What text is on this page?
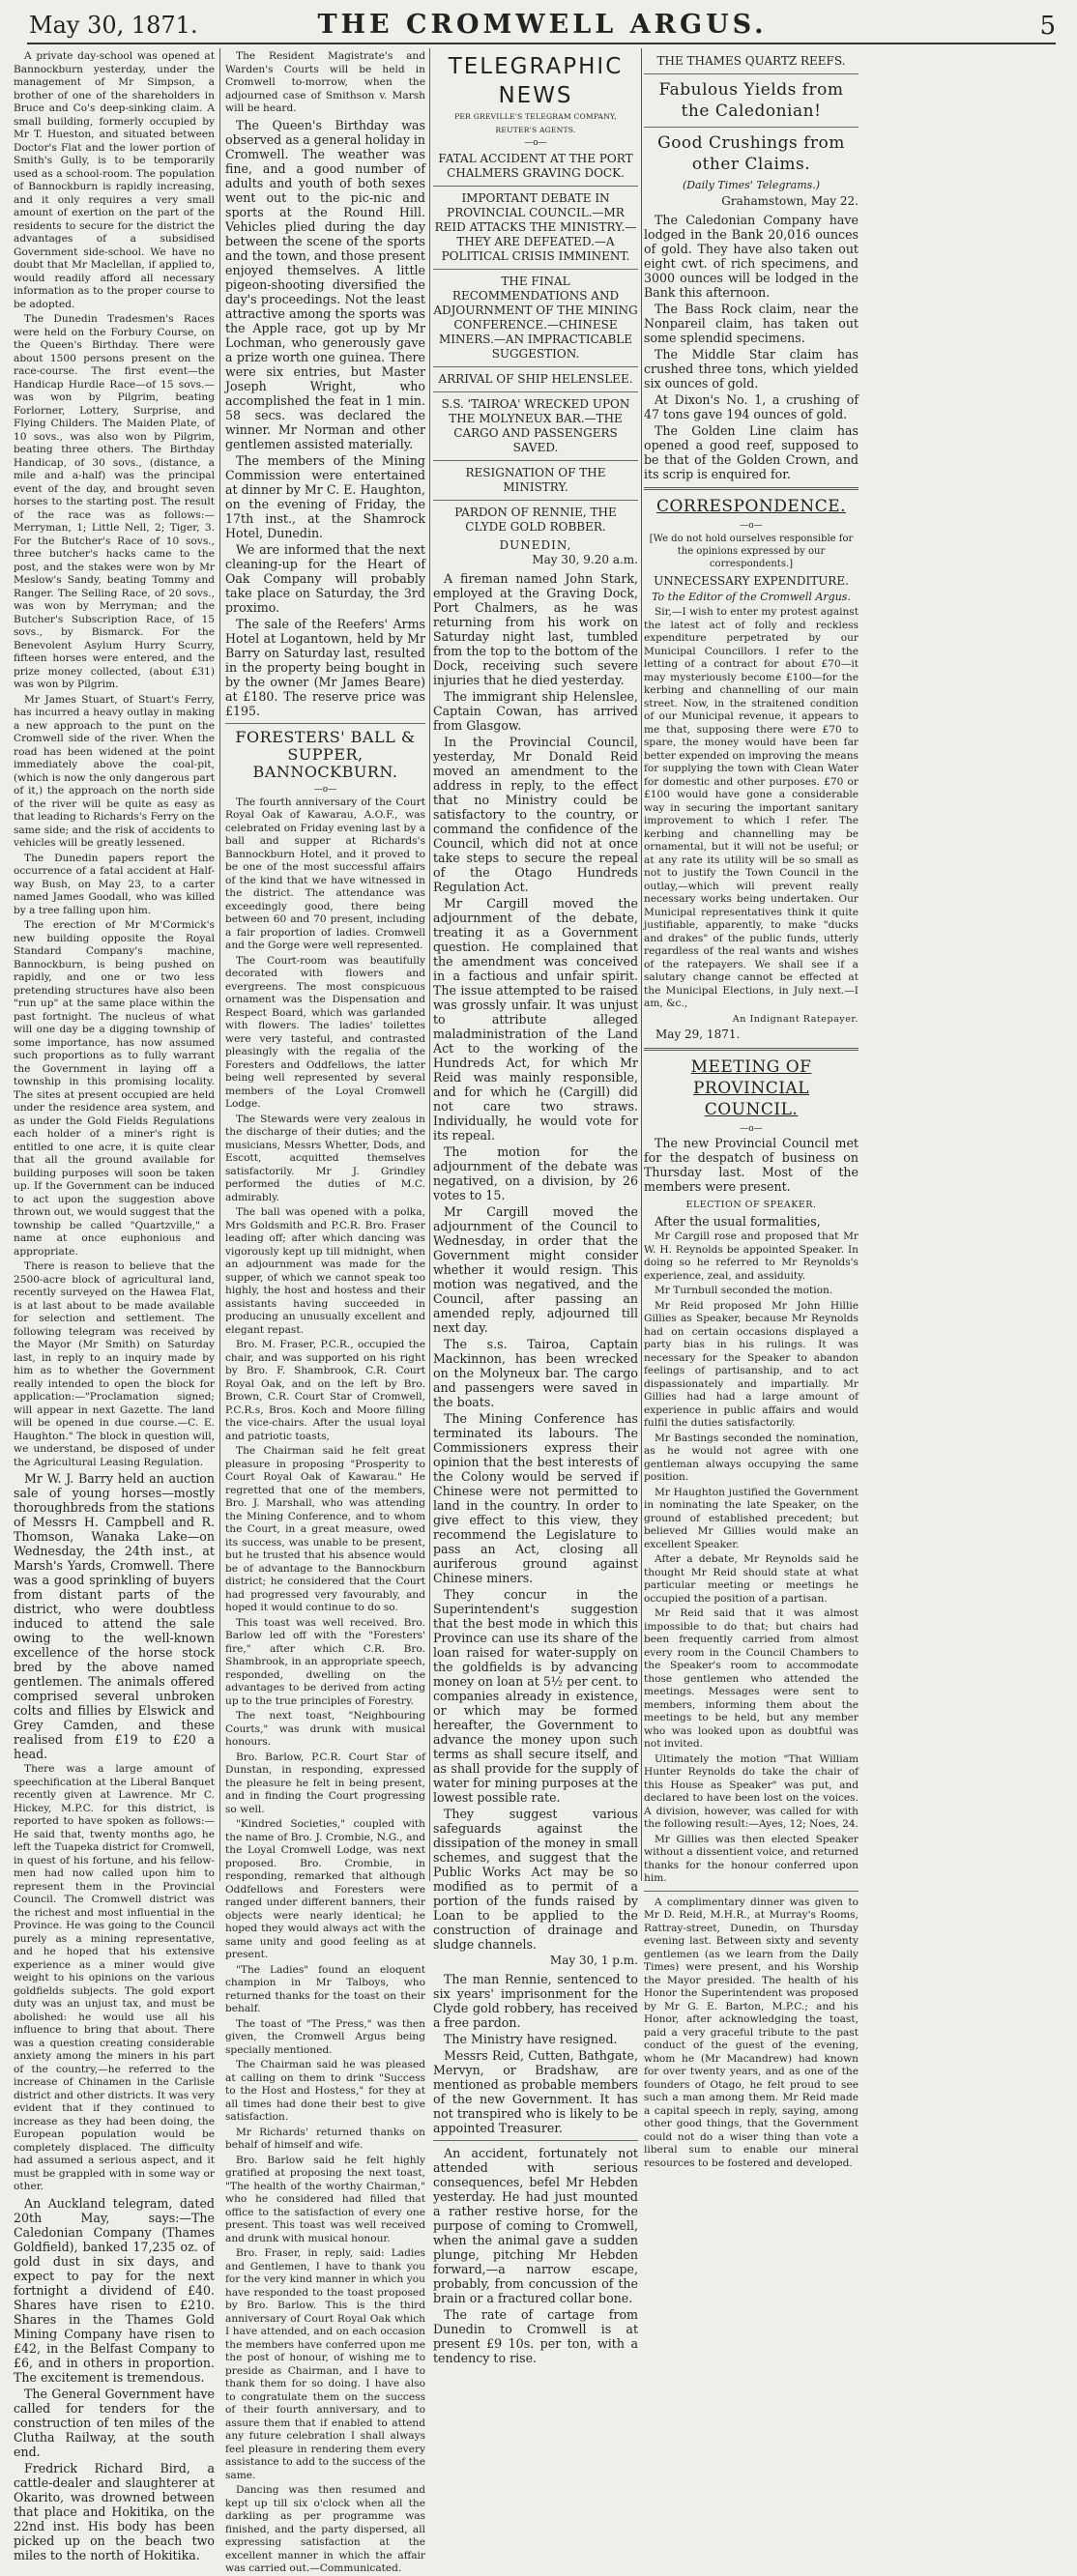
May 30, 1871.	THE CROMWELL ARGUS.	5

A private day-school was opened at Bannockburn yesterday, under the management of Mr Simpson, a brother of one of the shareholders in Bruce and Co's deep-sinking claim. A small building, formerly occupied by Mr T. Hueston, and situated between Doctor's Flat and the lower portion of Smith's Gully, is to be temporarily used as a school-room. The population of Bannockburn is rapidly increasing, and it only requires a very small amount of exertion on the part of the residents to secure for the district the advantages of a subsidised Government side-school. We have no doubt that Mr Maclellan, if applied to, would readily afford all necessary information as to the proper course to be adopted.

The Dunedin Tradesmen's Races were held on the Forbury Course, on the Queen's Birthday. There were about 1500 persons present on the race-course. The first event—the Handicap Hurdle Race—of 15 sovs.—was won by Pilgrim, beating Forlorner, Lottery, Surprise, and Flying Childers. The Maiden Plate, of 10 sovs., was also won by Pilgrim, beating three others. The Birthday Handicap, of 30 sovs., (distance, a mile and a-half) was the principal event of the day, and brought seven horses to the starting post. The result of the race was as follows:—Merryman, 1; Little Nell, 2; Tiger, 3. For the Butcher's Race of 10 sovs., three butcher's hacks came to the post, and the stakes were won by Mr Meslow's Sandy, beating Tommy and Ranger. The Selling Race, of 20 sovs., was won by Merryman; and the Butcher's Subscription Race, of 15 sovs., by Bismarck. For the Benevolent Asylum Hurry Scurry, fifteen horses were entered, and the prize money collected, (about £31) was won by Pilgrim.

Mr James Stuart, of Stuart's Ferry, has incurred a heavy outlay in making a new approach to the punt on the Cromwell side of the river. When the road has been widened at the point immediately above the coal-pit, (which is now the only dangerous part of it,) the approach on the north side of the river will be quite as easy as that leading to Richards's Ferry on the same side; and the risk of accidents to vehicles will be greatly lessened.

The Dunedin papers report the occurrence of a fatal accident at Half-way Bush, on May 23, to a carter named James Goodall, who was killed by a tree falling upon him.

The erection of Mr M'Cormick's new building opposite the Royal Standard Company's machine, Bannockburn, is being pushed on rapidly, and one or two less pretending structures have also been "run up" at the same place within the past fortnight. The nucleus of what will one day be a digging township of some importance, has now assumed such proportions as to fully warrant the Government in laying off a township in this promising locality. The sites at present occupied are held under the residence area system, and as under the Gold Fields Regulations each holder of a miner's right is entitled to one acre, it is quite clear that all the ground available for building purposes will soon be taken up. If the Government can be induced to act upon the suggestion above thrown out, we would suggest that the township be called "Quartzville," a name at once euphonious and appropriate.

There is reason to believe that the 2500-acre block of agricultural land, recently surveyed on the Hawea Flat, is at last about to be made available for selection and settlement. The following telegram was received by the Mayor (Mr Smith) on Saturday last, in reply to an inquiry made by him as to whether the Government really intended to open the block for application:—"Proclamation signed; will appear in next Gazette. The land will be opened in due course.—C. E. Haughton." The block in question will, we understand, be disposed of under the Agricultural Leasing Regulation.

Mr W. J. Barry held an auction sale of young horses—mostly thoroughbreds from the stations of Messrs H. Campbell and R. Thomson, Wanaka Lake—on Wednesday, the 24th inst., at Marsh's Yards, Cromwell. There was a good sprinkling of buyers from distant parts of the district, who were doubtless induced to attend the sale owing to the well-known excellence of the horse stock bred by the above named gentlemen. The animals offered comprised several unbroken colts and fillies by Elswick and Grey Camden, and these realised from £19 to £20 a head.

There was a large amount of speechification at the Liberal Banquet recently given at Lawrence. Mr C. Hickey, M.P.C. for this district, is reported to have spoken as follows:—He said that, twenty months ago, he left the Tuapeka district for Cromwell, in quest of his fortune, and his fellow-men had now called upon him to represent them in the Provincial Council. The Cromwell district was the richest and most influential in the Province. He was going to the Council purely as a mining representative, and he hoped that his extensive experience as a miner would give weight to his opinions on the various goldfields subjects. The gold export duty was an unjust tax, and must be abolished: he would use all his influence to bring that about. There was a question creating considerable anxiety among the miners in his part of the country,—he referred to the increase of Chinamen in the Carlisle district and other districts. It was very evident that if they continued to increase as they had been doing, the European population would be completely displaced. The difficulty had assumed a serious aspect, and it must be grappled with in some way or other.

An Auckland telegram, dated 20th May, says:—The Caledonian Company (Thames Goldfield), banked 17,235 oz. of gold dust in six days, and expect to pay for the next fortnight a dividend of £40. Shares have risen to £210. Shares in the Thames Gold Mining Company have risen to £42, in the Belfast Company to £6, and in others in proportion. The excitement is tremendous.

The General Government have called for tenders for the construction of ten miles of the Clutha Railway, at the south end.

Fredrick Richard Bird, a cattle-dealer and slaughterer at Okarito, was drowned between that place and Hokitika, on the 22nd inst. His body has been picked up on the beach two miles to the north of Hokitika.

The Resident Magistrate's and Warden's Courts will be held in Cromwell to-morrow, when the adjourned case of Smithson v. Marsh will be heard.

The Queen's Birthday was observed as a general holiday in Cromwell. The weather was fine, and a good number of adults and youth of both sexes went out to the pic-nic and sports at the Round Hill. Vehicles plied during the day between the scene of the sports and the town, and those present enjoyed themselves. A little pigeon-shooting diversified the day's proceedings. Not the least attractive among the sports was the Apple race, got up by Mr Lochman, who generously gave a prize worth one guinea. There were six entries, but Master Joseph Wright, who accomplished the feat in 1 min. 58 secs. was declared the winner. Mr Norman and other gentlemen assisted materially.

The members of the Mining Commission were entertained at dinner by Mr C. E. Haughton, on the evening of Friday, the 17th inst., at the Shamrock Hotel, Dunedin.

We are informed that the next cleaning-up for the Heart of Oak Company will probably take place on Saturday, the 3rd proximo.

The sale of the Reefers' Arms Hotel at Logantown, held by Mr Barry on Saturday last, resulted in the property being bought in by the owner (Mr James Beare) at £180. The reserve price was £195.

FORESTERS' BALL & SUPPER, BANNOCKBURN.
—o—

The fourth anniversary of the Court Royal Oak of Kawarau, A.O.F., was celebrated on Friday evening last by a ball and supper at Richards's Bannockburn Hotel, and it proved to be one of the most successful affairs of the kind that we have witnessed in the district. The attendance was exceedingly good, there being between 60 and 70 present, including a fair proportion of ladies. Cromwell and the Gorge were well represented.

The Court-room was beautifully decorated with flowers and evergreens. The most conspicuous ornament was the Dispensation and Respect Board, which was garlanded with flowers. The ladies' toilettes were very tasteful, and contrasted pleasingly with the regalia of the Foresters and Oddfellows, the latter being well represented by several members of the Loyal Cromwell Lodge.

The Stewards were very zealous in the discharge of their duties; and the musicians, Messrs Whetter, Dods, and Escott, acquitted themselves satisfactorily. Mr J. Grindley performed the duties of M.C. admirably.

The ball was opened with a polka, Mrs Goldsmith and P.C.R. Bro. Fraser leading off; after which dancing was vigorously kept up till midnight, when an adjournment was made for the supper, of which we cannot speak too highly, the host and hostess and their assistants having succeeded in producing an unusually excellent and elegant repast.

Bro. M. Fraser, P.C.R., occupied the chair, and was supported on his right by Bro. F. Shambrook, C.R. Court Royal Oak, and on the left by Bro. Brown, C.R. Court Star of Cromwell, P.C.R.s, Bros. Koch and Moore filling the vice-chairs. After the usual loyal and patriotic toasts,

The Chairman said he felt great pleasure in proposing "Prosperity to Court Royal Oak of Kawarau." He regretted that one of the members, Bro. J. Marshall, who was attending the Mining Conference, and to whom the Court, in a great measure, owed its success, was unable to be present, but he trusted that his absence would be of advantage to the Bannockburn district; he considered that the Court had progressed very favourably, and hoped it would continue to do so.

This toast was well received. Bro. Barlow led off with the "Foresters' fire," after which C.R. Bro. Shambrook, in an appropriate speech, responded, dwelling on the advantages to be derived from acting up to the true principles of Forestry.

The next toast, "Neighbouring Courts," was drunk with musical honours.

Bro. Barlow, P.C.R. Court Star of Dunstan, in responding, expressed the pleasure he felt in being present, and in finding the Court progressing so well.

"Kindred Societies," coupled with the name of Bro. J. Crombie, N.G., and the Loyal Cromwell Lodge, was next proposed. Bro. Crombie, in responding, remarked that although Oddfellows and Foresters were ranged under different banners, their objects were nearly identical; he hoped they would always act with the same unity and good feeling as at present.

"The Ladies" found an eloquent champion in Mr Talboys, who returned thanks for the toast on their behalf.

The toast of "The Press," was then given, the Cromwell Argus being specially mentioned.

The Chairman said he was pleased at calling on them to drink "Success to the Host and Hostess," for they at all times had done their best to give satisfaction.

Mr Richards' returned thanks on behalf of himself and wife.

Bro. Barlow said he felt highly gratified at proposing the next toast, "The health of the worthy Chairman," who he considered had filled that office to the satisfaction of every one present. This toast was well received and drunk with musical honour.

Bro. Fraser, in reply, said: Ladies and Gentlemen, I have to thank you for the very kind manner in which you have responded to the toast proposed by Bro. Barlow. This is the third anniversary of Court Royal Oak which I have attended, and on each occasion the members have conferred upon me the post of honour, of wishing me to preside as Chairman, and I have to thank them for so doing. I have also to congratulate them on the success of their fourth anniversary, and to assure them that if enabled to attend any future celebration I shall always feel pleasure in rendering them every assistance to add to the success of the same.

Dancing was then resumed and kept up till six o'clock when all the darkling as per programme was finished, and the party dispersed, all expressing satisfaction at the excellent manner in which the affair was carried out.—Communicated.

TELEGRAPHIC NEWS
PER GREVILLE'S TELEGRAM COMPANY, REUTER'S AGENTS.
—o—
FATAL ACCIDENT AT THE PORT CHALMERS GRAVING DOCK.
IMPORTANT DEBATE IN PROVINCIAL COUNCIL.—MR REID ATTACKS THE MINISTRY.—THEY ARE DEFEATED.—A POLITICAL CRISIS IMMINENT.
THE FINAL RECOMMENDATIONS AND ADJOURNMENT OF THE MINING CONFERENCE.—CHINESE MINERS.—AN IMPRACTICABLE SUGGESTION.
ARRIVAL OF SHIP HELENSLEE.
S.S. 'TAIROA' WRECKED UPON THE MOLYNEUX BAR.—THE CARGO AND PASSENGERS SAVED.
RESIGNATION OF THE MINISTRY.
PARDON OF RENNIE, THE CLYDE GOLD ROBBER.
DUNEDIN,
May 30, 9.20 a.m.

A fireman named John Stark, employed at the Graving Dock, Port Chalmers, as he was returning from his work on Saturday night last, tumbled from the top to the bottom of the Dock, receiving such severe injuries that he died yesterday.

The immigrant ship Helenslee, Captain Cowan, has arrived from Glasgow.

In the Provincial Council, yesterday, Mr Donald Reid moved an amendment to the address in reply, to the effect that no Ministry could be satisfactory to the country, or command the confidence of the Council, which did not at once take steps to secure the repeal of the Otago Hundreds Regulation Act.

Mr Cargill moved the adjournment of the debate, treating it as a Government question. He complained that the amendment was conceived in a factious and unfair spirit. The issue attempted to be raised was grossly unfair. It was unjust to attribute alleged maladministration of the Land Act to the working of the Hundreds Act, for which Mr Reid was mainly responsible, and for which he (Cargill) did not care two straws. Individually, he would vote for its repeal.

The motion for the adjournment of the debate was negatived, on a division, by 26 votes to 15.

Mr Cargill moved the adjournment of the Council to Wednesday, in order that the Government might consider whether it would resign. This motion was negatived, and the Council, after passing an amended reply, adjourned till next day.

The s.s. Tairoa, Captain Mackinnon, has been wrecked on the Molyneux bar. The cargo and passengers were saved in the boats.

The Mining Conference has terminated its labours. The Commissioners express their opinion that the best interests of the Colony would be served if Chinese were not permitted to land in the country. In order to give effect to this view, they recommend the Legislature to pass an Act, closing all auriferous ground against Chinese miners.

They concur in the Superintendent's suggestion that the best mode in which this Province can use its share of the loan raised for water-supply on the goldfields is by advancing money on loan at 5½ per cent. to companies already in existence, or which may be formed hereafter, the Government to advance the money upon such terms as shall secure itself, and as shall provide for the supply of water for mining purposes at the lowest possible rate.

They suggest various safeguards against the dissipation of the money in small schemes, and suggest that the Public Works Act may be so modified as to permit of a portion of the funds raised by Loan to be applied to the construction of drainage and sludge channels.

May 30, 1 p.m.

The man Rennie, sentenced to six years' imprisonment for the Clyde gold robbery, has received a free pardon.

The Ministry have resigned.

Messrs Reid, Cutten, Bathgate, Mervyn, or Bradshaw, are mentioned as probable members of the new Government. It has not transpired who is likely to be appointed Treasurer.

An accident, fortunately not attended with serious consequences, befel Mr Hebden yesterday. He had just mounted a rather restive horse, for the purpose of coming to Cromwell, when the animal gave a sudden plunge, pitching Mr Hebden forward,—a narrow escape, probably, from concussion of the brain or a fractured collar bone.

The rate of cartage from Dunedin to Cromwell is at present £9 10s. per ton, with a tendency to rise.

THE THAMES QUARTZ REEFS.
Fabulous Yields from the Caledonian!
Good Crushings from other Claims.
(Daily Times' Telegrams.)
Grahamstown, May 22.

The Caledonian Company have lodged in the Bank 20,016 ounces of gold. They have also taken out eight cwt. of rich specimens, and 3000 ounces will be lodged in the Bank this afternoon.

The Bass Rock claim, near the Nonpareil claim, has taken out some splendid specimens.

The Middle Star claim has crushed three tons, which yielded six ounces of gold.

At Dixon's No. 1, a crushing of 47 tons gave 194 ounces of gold.

The Golden Line claim has opened a good reef, supposed to be that of the Golden Crown, and its scrip is enquired for.

CORRESPONDENCE.
—o—
[We do not hold ourselves responsible for the opinions expressed by our correspondents.]
UNNECESSARY EXPENDITURE.
To the Editor of the Cromwell Argus.

Sir,—I wish to enter my protest against the latest act of folly and reckless expenditure perpetrated by our Municipal Councillors. I refer to the letting of a contract for about £70—it may mysteriously become £100—for the kerbing and channelling of our main street. Now, in the straitened condition of our Municipal revenue, it appears to me that, supposing there were £70 to spare, the money would have been far better expended on improving the means for supplying the town with Clean Water for domestic and other purposes. £70 or £100 would have gone a considerable way in securing the important sanitary improvement to which I refer. The kerbing and channelling may be ornamental, but it will not be useful; or at any rate its utility will be so small as not to justify the Town Council in the outlay,—which will prevent really necessary works being undertaken. Our Municipal representatives think it quite justifiable, apparently, to make "ducks and drakes" of the public funds, utterly regardless of the real wants and wishes of the ratepayers. We shall see if a salutary change cannot be effected at the Municipal Elections, in July next.—I am, &c.,

An Indignant Ratepayer.
May 29, 1871.
MEETING OF PROVINCIAL COUNCIL.
—o—

The new Provincial Council met for the despatch of business on Thursday last. Most of the members were present.

ELECTION OF SPEAKER.

After the usual formalities,

Mr Cargill rose and proposed that Mr W. H. Reynolds be appointed Speaker. In doing so he referred to Mr Reynolds's experience, zeal, and assiduity.

Mr Turnbull seconded the motion.

Mr Reid proposed Mr John Hillie Gillies as Speaker, because Mr Reynolds had on certain occasions displayed a party bias in his rulings. It was necessary for the Speaker to abandon feelings of partisanship, and to act dispassionately and impartially. Mr Gillies had had a large amount of experience in public affairs and would fulfil the duties satisfactorily.

Mr Bastings seconded the nomination, as he would not agree with one gentleman always occupying the same position.

Mr Haughton justified the Government in nominating the late Speaker, on the ground of established precedent; but believed Mr Gillies would make an excellent Speaker.

After a debate, Mr Reynolds said he thought Mr Reid should state at what particular meeting or meetings he occupied the position of a partisan.

Mr Reid said that it was almost impossible to do that; but chairs had been frequently carried from almost every room in the Council Chambers to the Speaker's room to accommodate those gentlemen who attended the meetings. Messages were sent to members, informing them about the meetings to be held, but any member who was looked upon as doubtful was not invited.

Ultimately the motion "That William Hunter Reynolds do take the chair of this House as Speaker" was put, and declared to have been lost on the voices. A division, however, was called for with the following result:—Ayes, 12; Noes, 24.

Mr Gillies was then elected Speaker without a dissentient voice, and returned thanks for the honour conferred upon him.

A complimentary dinner was given to Mr D. Reid, M.H.R., at Murray's Rooms, Rattray-street, Dunedin, on Thursday evening last. Between sixty and seventy gentlemen (as we learn from the Daily Times) were present, and his Worship the Mayor presided. The health of his Honor the Superintendent was proposed by Mr G. E. Barton, M.P.C.; and his Honor, after acknowledging the toast, paid a very graceful tribute to the past conduct of the guest of the evening, whom he (Mr Macandrew) had known for over twenty years, and as one of the founders of Otago, he felt proud to see such a man among them. Mr Reid made a capital speech in reply, saying, among other good things, that the Government could not do a wiser thing than vote a liberal sum to enable our mineral resources to be fostered and developed.
